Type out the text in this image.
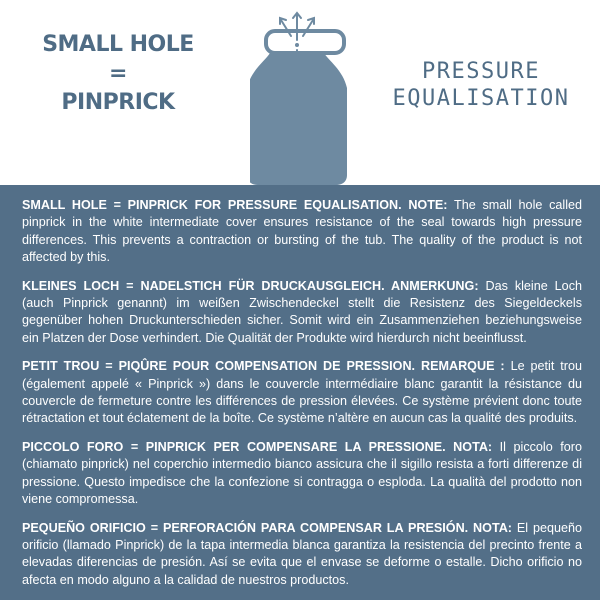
SMALL HOLE
=
PINPRICK
PRESSURE
EQUALISATION

SMALL HOLE = PINPRICK FOR PRESSURE EQUALISATION. NOTE: The small hole called pinprick in the white intermediate cover ensures resistance of the seal towards high pressure differences. This prevents a contraction or bursting of the tub. The quality of the product is not affected by this.

KLEINES LOCH = NADELSTICH FÜR DRUCKAUSGLEICH. ANMERKUNG: Das kleine Loch (auch Pinprick genannt) im weißen Zwischendeckel stellt die Resistenz des Siegeldeckels gegenüber hohen Druckunterschieden sicher. Somit wird ein Zusammenziehen beziehungsweise ein Platzen der Dose verhindert. Die Qualität der Produkte wird hierdurch nicht beeinflusst.

PETIT TROU = PIQÛRE POUR COMPENSATION DE PRESSION. REMARQUE : Le petit trou (également appelé « Pinprick ») dans le couvercle intermédiaire blanc garantit la résistance du couvercle de fermeture contre les différences de pression élevées. Ce système prévient donc toute rétractation et tout éclatement de la boîte. Ce système n’altère en aucun cas la qualité des produits.

PICCOLO FORO = PINPRICK PER COMPENSARE LA PRESSIONE. NOTA: Il piccolo foro (chiamato pinprick) nel coperchio intermedio bianco assicura che il sigillo resista a forti differenze di pressione. Questo impedisce che la confezione si contragga o esploda. La qualità del prodotto non viene compromessa.

PEQUEÑO ORIFICIO = PERFORACIÓN PARA COMPENSAR LA PRESIÓN. NOTA: El pequeño orificio (llamado Pinprick) de la tapa intermedia blanca garantiza la resistencia del precinto frente a elevadas diferencias de presión. Así se evita que el envase se deforme o estalle. Dicho orificio no afecta en modo alguno a la calidad de nuestros productos.
